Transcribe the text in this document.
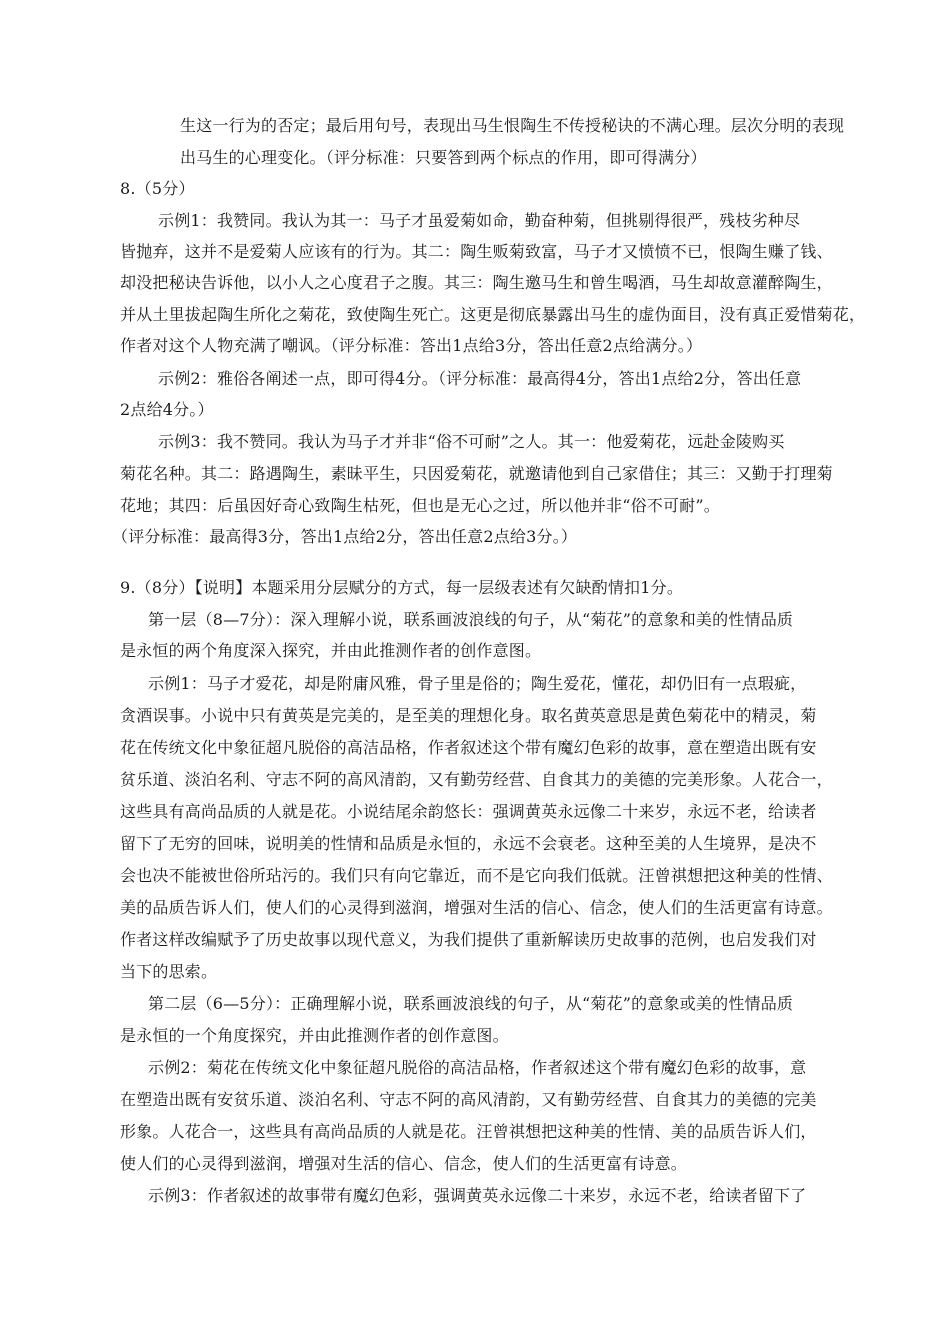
生这一行为的否定；最后用句号，表现出马生恨陶生不传授秘诀的不满心理。层次分明的表现
出马生的心理变化。（评分标准：只要答到两个标点的作用，即可得满分）
8.（5分）
示例1：我赞同。我认为其一：马子才虽爱菊如命，勤奋种菊，但挑剔得很严，残枝劣种尽
皆抛弃，这并不是爱菊人应该有的行为。其二：陶生贩菊致富，马子才又愤愤不已，恨陶生赚了钱、
却没把秘诀告诉他，以小人之心度君子之腹。其三：陶生邀马生和曾生喝酒，马生却故意灌醉陶生，
并从土里拔起陶生所化之菊花，致使陶生死亡。这更是彻底暴露出马生的虚伪面目，没有真正爱惜菊花，
作者对这个人物充满了嘲讽。（评分标准：答出1点给3分，答出任意2点给满分。）
示例2：雅俗各阐述一点，即可得4分。（评分标准：最高得4分，答出1点给2分，答出任意
2点给4分。）
示例3：我不赞同。我认为马子才并非“俗不可耐”之人。其一：他爱菊花，远赴金陵购买
菊花名种。其二：路遇陶生，素昧平生，只因爱菊花，就邀请他到自己家借住；其三：又勤于打理菊
花地；其四：后虽因好奇心致陶生枯死，但也是无心之过，所以他并非“俗不可耐”。
（评分标准：最高得3分，答出1点给2分，答出任意2点给3分。）
9.（8分）【说明】本题采用分层赋分的方式，每一层级表述有欠缺酌情扣1分。
第一层（8—7分）：深入理解小说，联系画波浪线的句子，从“菊花”的意象和美的性情品质
是永恒的两个角度深入探究，并由此推测作者的创作意图。
示例1：马子才爱花，却是附庸风雅，骨子里是俗的；陶生爱花，懂花，却仍旧有一点瑕疵，
贪酒误事。小说中只有黄英是完美的，是至美的理想化身。取名黄英意思是黄色菊花中的精灵，菊
花在传统文化中象征超凡脱俗的高洁品格，作者叙述这个带有魔幻色彩的故事，意在塑造出既有安
贫乐道、淡泊名利、守志不阿的高风清韵，又有勤劳经营、自食其力的美德的完美形象。人花合一，
这些具有高尚品质的人就是花。小说结尾余韵悠长：强调黄英永远像二十来岁，永远不老，给读者
留下了无穷的回味，说明美的性情和品质是永恒的，永远不会衰老。这种至美的人生境界，是决不
会也决不能被世俗所玷污的。我们只有向它靠近，而不是它向我们低就。汪曾祺想把这种美的性情、
美的品质告诉人们，使人们的心灵得到滋润，增强对生活的信心、信念，使人们的生活更富有诗意。
作者这样改编赋予了历史故事以现代意义，为我们提供了重新解读历史故事的范例，也启发我们对
当下的思索。
第二层（6—5分）：正确理解小说，联系画波浪线的句子，从“菊花”的意象或美的性情品质
是永恒的一个角度探究，并由此推测作者的创作意图。
示例2：菊花在传统文化中象征超凡脱俗的高洁品格，作者叙述这个带有魔幻色彩的故事，意
在塑造出既有安贫乐道、淡泊名利、守志不阿的高风清韵，又有勤劳经营、自食其力的美德的完美
形象。人花合一，这些具有高尚品质的人就是花。汪曾祺想把这种美的性情、美的品质告诉人们，
使人们的心灵得到滋润，增强对生活的信心、信念，使人们的生活更富有诗意。
示例3：作者叙述的故事带有魔幻色彩，强调黄英永远像二十来岁，永远不老，给读者留下了
